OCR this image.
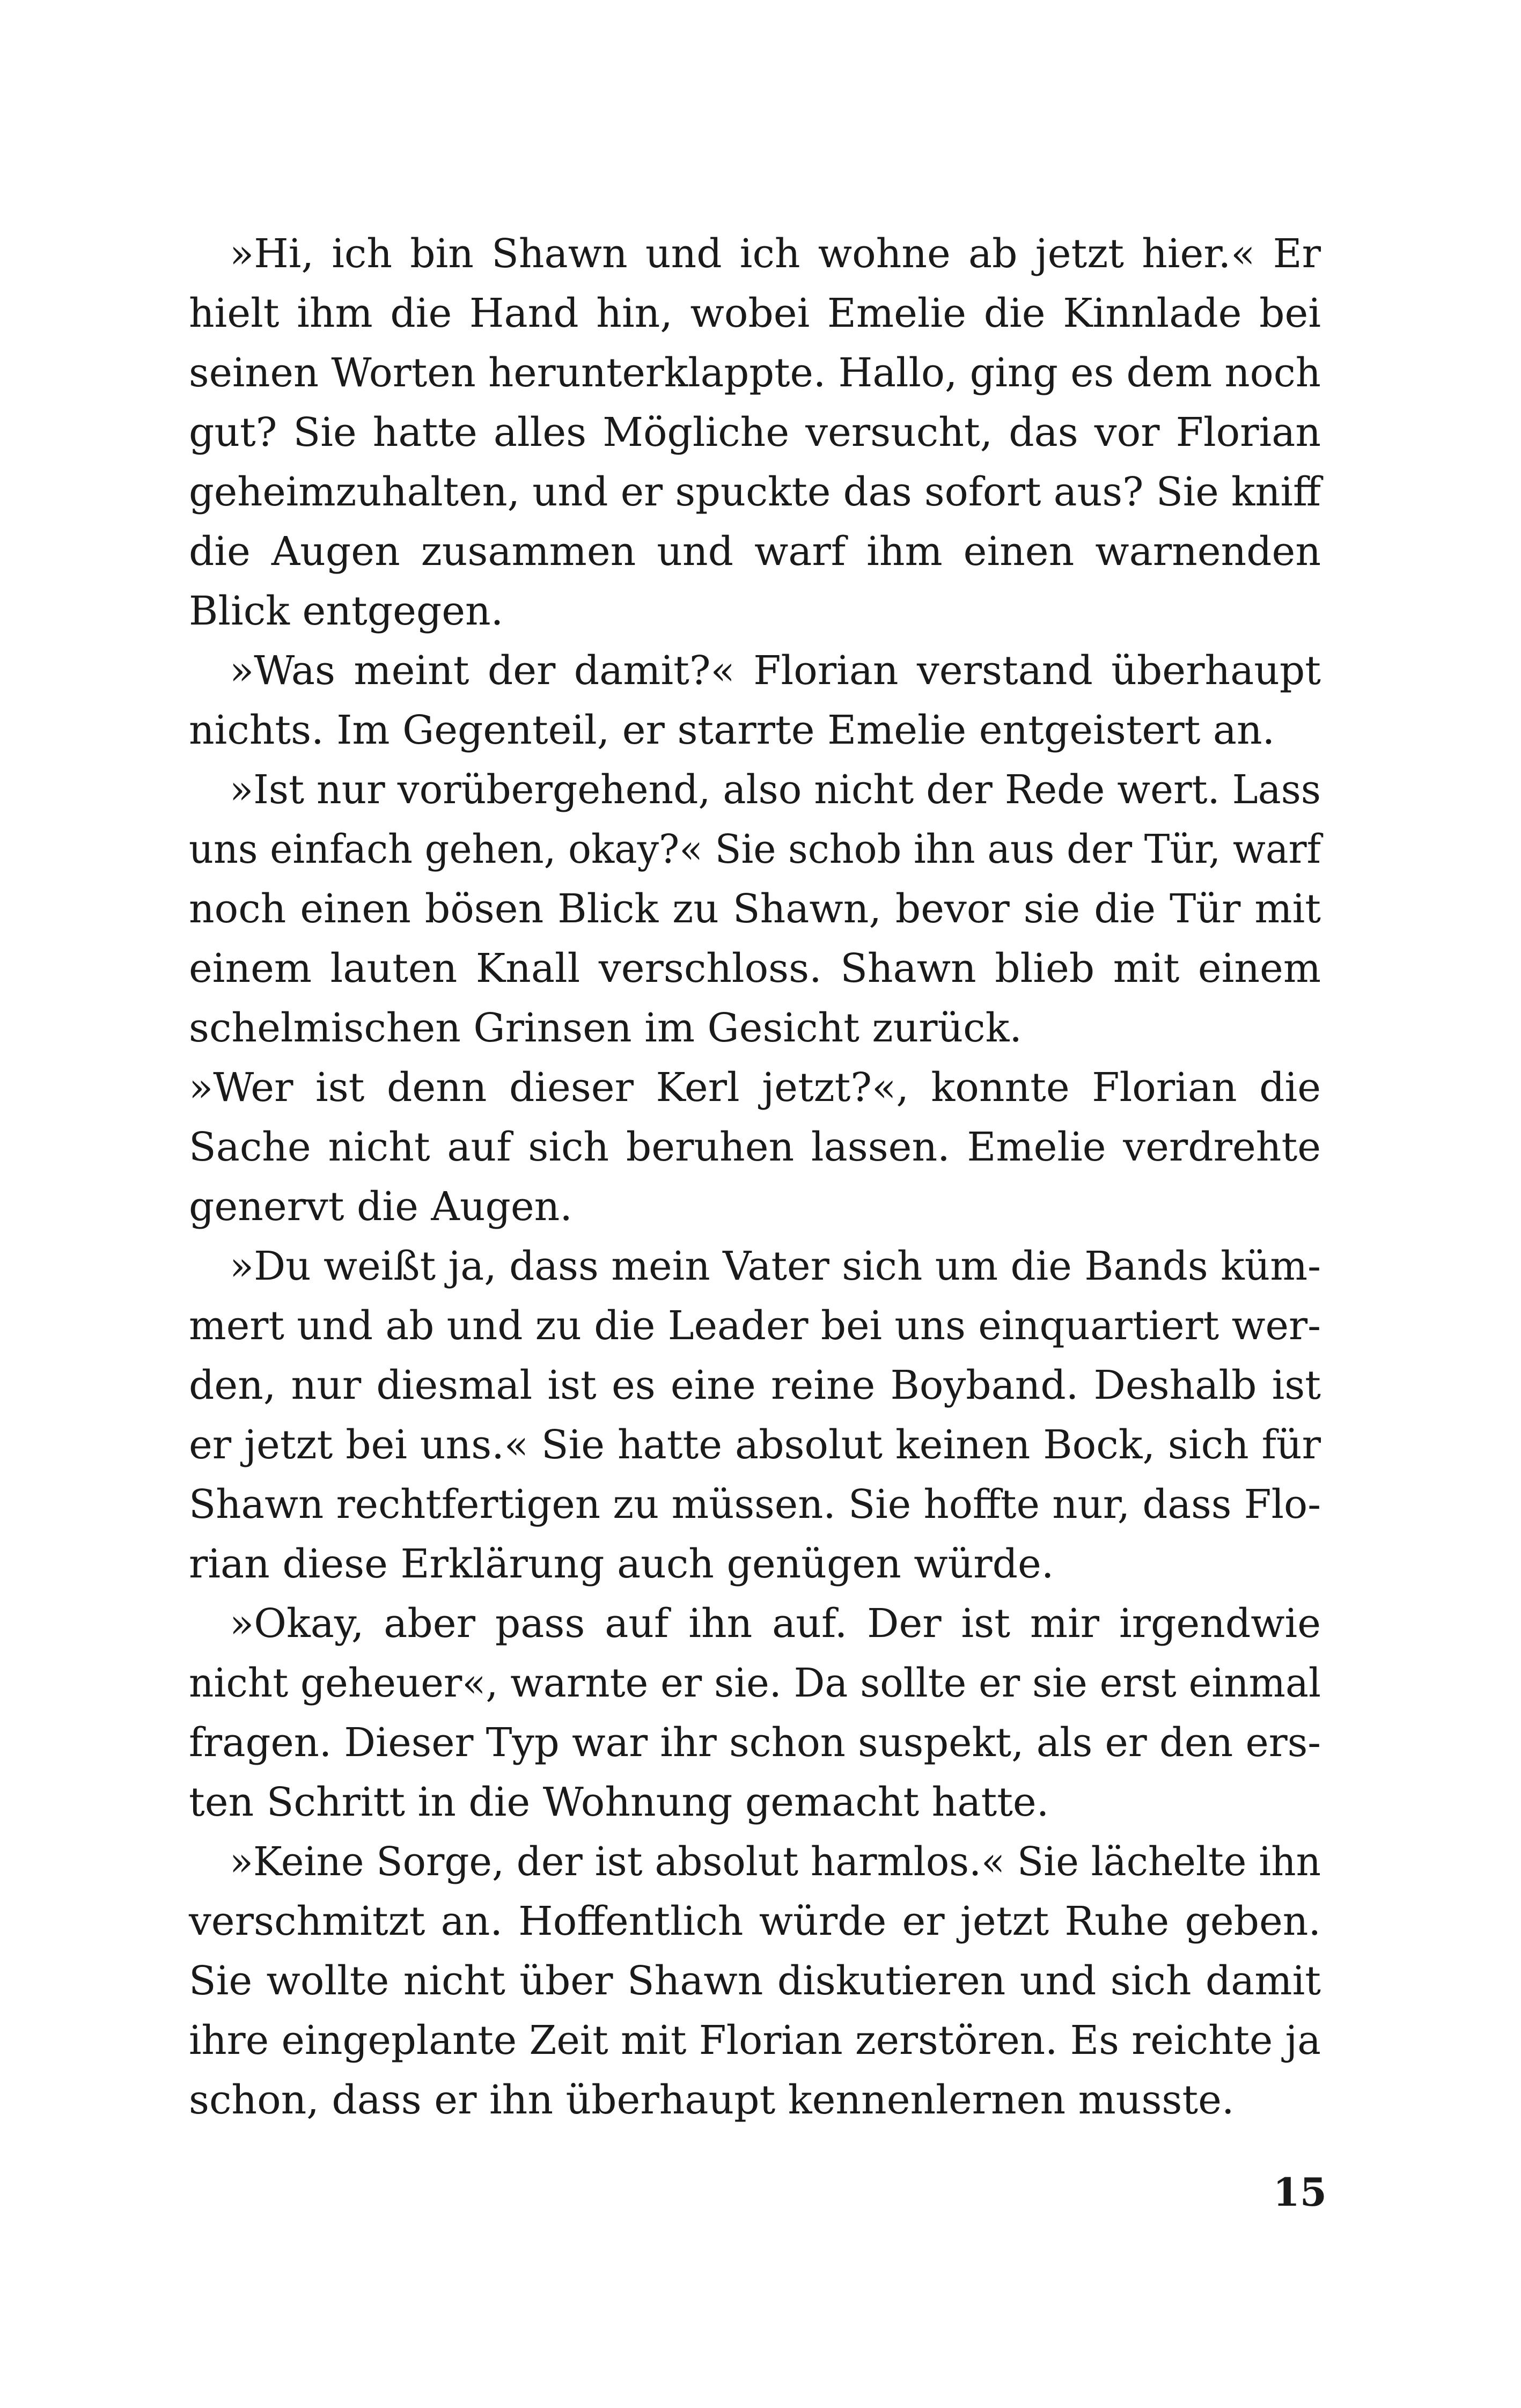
»Hi, ich bin Shawn und ich wohne ab jetzt hier.« Er
hielt ihm die Hand hin, wobei Emelie die Kinnlade bei
seinen Worten herunterklappte. Hallo, ging es dem noch
gut? Sie hatte alles Mögliche versucht, das vor Florian
geheimzuhalten, und er spuckte das sofort aus? Sie kniff
die Augen zusammen und warf ihm einen warnenden
Blick entgegen.
»Was meint der damit?« Florian verstand überhaupt
nichts. Im Gegenteil, er starrte Emelie entgeistert an.
»Ist nur vorübergehend, also nicht der Rede wert. Lass
uns einfach gehen, okay?« Sie schob ihn aus der Tür, warf
noch einen bösen Blick zu Shawn, bevor sie die Tür mit
einem lauten Knall verschloss. Shawn blieb mit einem
schelmischen Grinsen im Gesicht zurück.
»Wer ist denn dieser Kerl jetzt?«, konnte Florian die
Sache nicht auf sich beruhen lassen. Emelie verdrehte
genervt die Augen.
»Du weißt ja, dass mein Vater sich um die Bands küm-
mert und ab und zu die Leader bei uns einquartiert wer-
den, nur diesmal ist es eine reine Boyband. Deshalb ist
er jetzt bei uns.« Sie hatte absolut keinen Bock, sich für
Shawn rechtfertigen zu müssen. Sie hoffte nur, dass Flo-
rian diese Erklärung auch genügen würde.
»Okay, aber pass auf ihn auf. Der ist mir irgendwie
nicht geheuer«, warnte er sie. Da sollte er sie erst einmal
fragen. Dieser Typ war ihr schon suspekt, als er den ers-
ten Schritt in die Wohnung gemacht hatte.
»Keine Sorge, der ist absolut harmlos.« Sie lächelte ihn
verschmitzt an. Hoffentlich würde er jetzt Ruhe geben.
Sie wollte nicht über Shawn diskutieren und sich damit
ihre eingeplante Zeit mit Florian zerstören. Es reichte ja
schon, dass er ihn überhaupt kennenlernen musste.
15
